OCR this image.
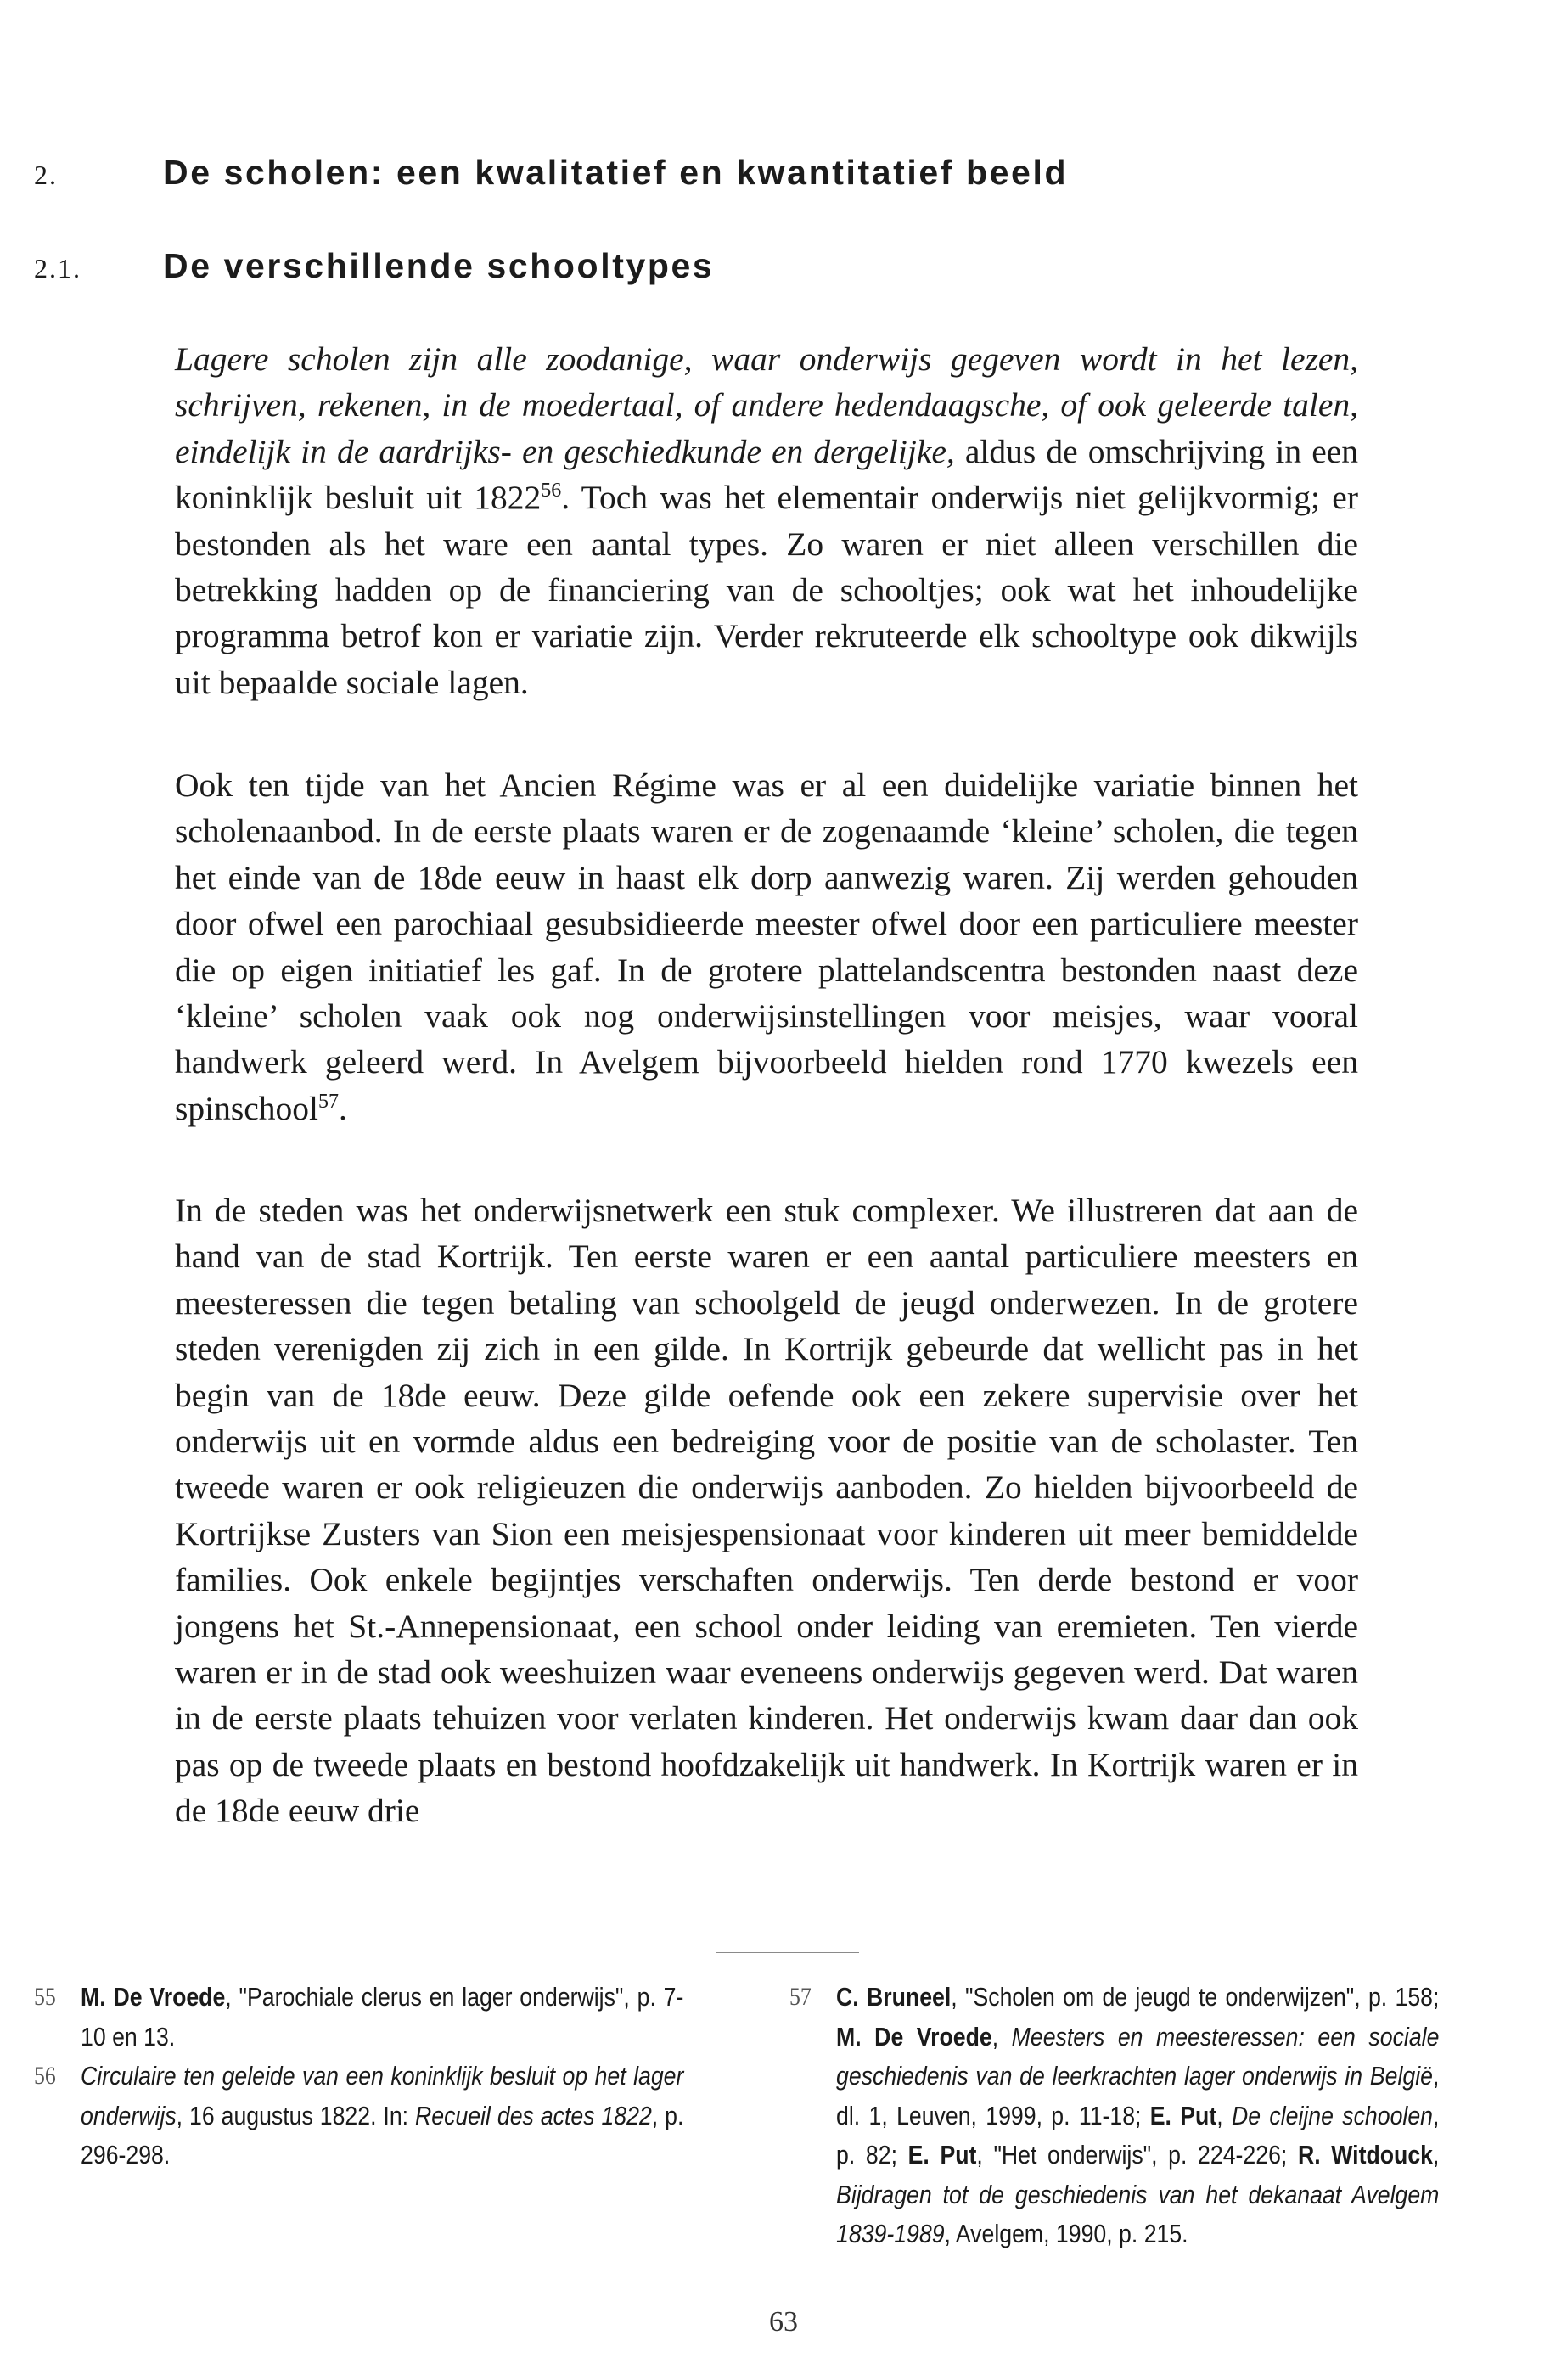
2.	De scholen: een kwalitatief en kwantitatief beeld
2.1. De verschillende schooltypes

Lagere scholen zijn alle zoodanige, waar onderwijs gegeven wordt in het lezen, schrijven, rekenen, in de moedertaal, of andere hedendaagsche, of ook geleerde talen, eindelijk in de aardrijks- en geschiedkunde en dergelijke, aldus de omschrijving in een koninklijk besluit uit 1822$^{56}$. Toch was het elementair onderwijs niet gelijkvormig; er bestonden als het ware een aantal types. Zo waren er niet alleen verschillen die betrekking hadden op de financiering van de schooltjes; ook wat het inhoudelijke programma betrof kon er variatie zijn. Verder rekruteerde elk schooltype ook dikwijls uit bepaalde sociale lagen.

Ook ten tijde van het Ancien Régime was er al een duidelijke variatie binnen het scholenaanbod. In de eerste plaats waren er de zogenaamde ‘kleine’ scholen, die tegen het einde van de 18de eeuw in haast elk dorp aanwezig waren. Zij werden gehouden door ofwel een parochiaal gesubsidieerde meester ofwel door een particuliere meester die op eigen initiatief les gaf. In de grotere plattelandscentra bestonden naast deze ‘kleine’ scholen vaak ook nog onderwijsinstellingen voor meisjes, waar vooral handwerk geleerd werd. In Avelgem bijvoorbeeld hielden rond 1770 kwezels een spinschool$^{57}$.

In de steden was het onderwijsnetwerk een stuk complexer. We illustreren dat aan de hand van de stad Kortrijk. Ten eerste waren er een aantal particuliere meesters en meesteressen die tegen betaling van schoolgeld de jeugd onderwezen. In de grotere steden verenigden zij zich in een gilde. In Kortrijk gebeurde dat wellicht pas in het begin van de 18de eeuw. Deze gilde oefende ook een zekere supervisie over het onderwijs uit en vormde aldus een bedreiging voor de positie van de scholaster. Ten tweede waren er ook religieuzen die onderwijs aanboden. Zo hielden bijvoorbeeld de Kortrijkse Zusters van Sion een meisjespensionaat voor kinderen uit meer bemiddelde families. Ook enkele begijntjes verschaften onderwijs. Ten derde bestond er voor jongens het St.-Annepensionaat, een school onder leiding van eremieten. Ten vierde waren er in de stad ook weeshuizen waar eveneens onderwijs gegeven werd. Dat waren in de eerste plaats tehuizen voor verlaten kinderen. Het onderwijs kwam daar dan ook pas op de tweede plaats en bestond hoofdzakelijk uit handwerk. In Kortrijk waren er in de 18de eeuw drie

55 M. De Vroede, "Parochiale clerus en lager onderwijs", p. 7-10 en 13.

56 Circulaire ten geleide van een koninklijk besluit op het lager onderwijs, 16 augustus 1822. In: Recueil des actes 1822, p. 296-298.

57 C. Bruneel, "Scholen om de jeugd te onderwijzen", p. 158; M. De Vroede, Meesters en meesteressen: een sociale geschiedenis van de leerkrachten lager onderwijs in België, dl. 1, Leuven, 1999, p. 11-18; E. Put, De cleijne schoolen, p. 82; E. Put, "Het onderwijs", p. 224-226; R. Witdouck, Bijdragen tot de geschiedenis van het dekanaat Avelgem 1839-1989, Avelgem, 1990, p. 215.

63
